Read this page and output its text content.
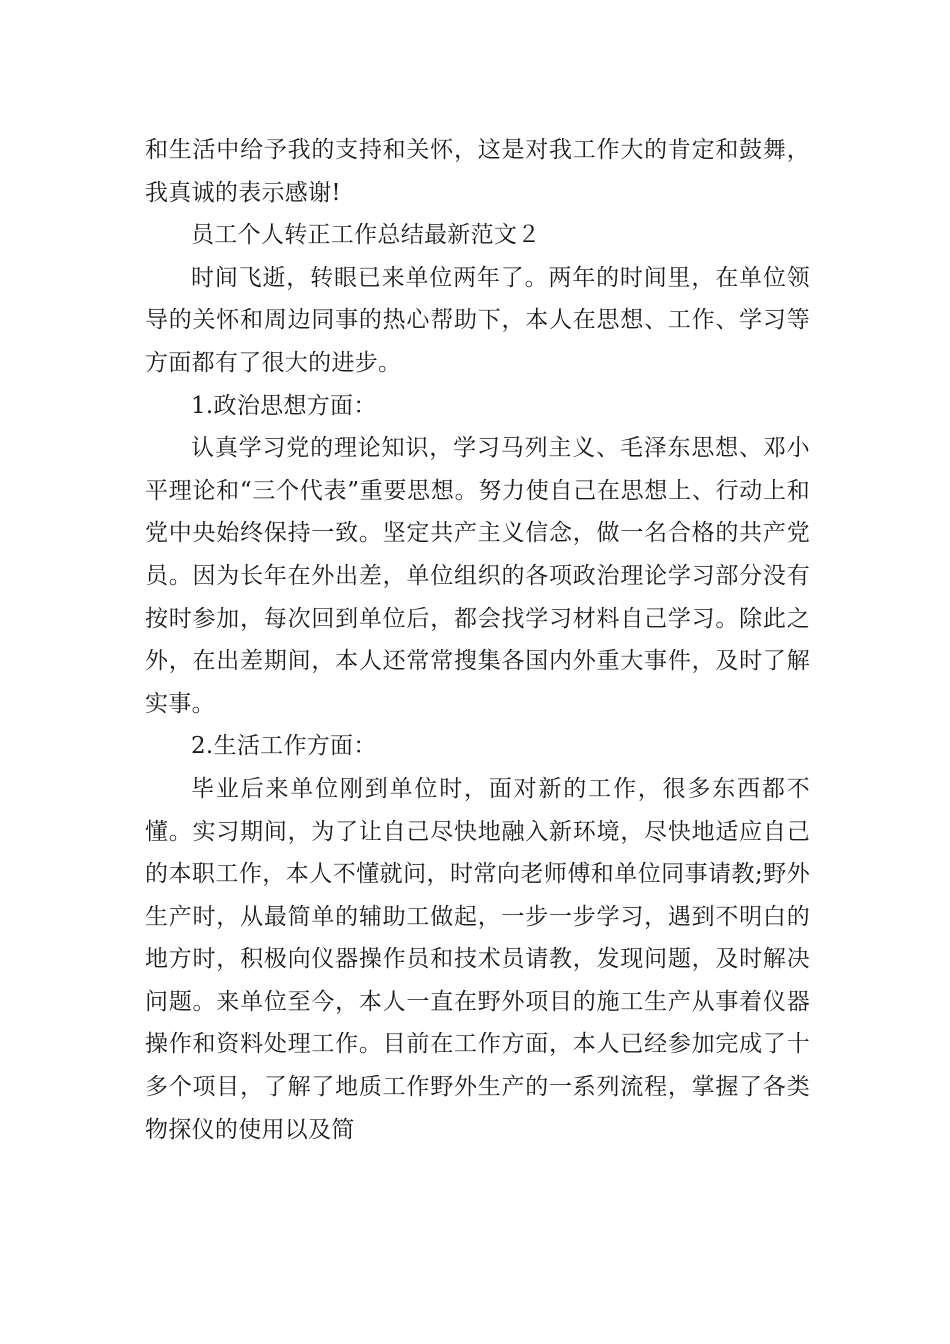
和生活中给予我的支持和关怀，这是对我工作大的肯定和鼓舞，我真诚的表示感谢!

员工个人转正工作总结最新范文２

时间飞逝，转眼已来单位两年了。两年的时间里，在单位领导的关怀和周边同事的热心帮助下，本人在思想、工作、学习等方面都有了很大的进步。

1.政治思想方面：

认真学习党的理论知识，学习马列主义、毛泽东思想、邓小平理论和“三个代表”重要思想。努力使自己在思想上、行动上和党中央始终保持一致。坚定共产主义信念，做一名合格的共产党员。因为长年在外出差，单位组织的各项政治理论学习部分没有按时参加，每次回到单位后，都会找学习材料自己学习。除此之外，在出差期间，本人还常常搜集各国内外重大事件，及时了解实事。

2.生活工作方面：

毕业后来单位刚到单位时，面对新的工作，很多东西都不懂。实习期间，为了让自己尽快地融入新环境，尽快地适应自己的本职工作，本人不懂就问，时常向老师傅和单位同事请教;野外生产时，从最简单的辅助工做起，一步一步学习，遇到不明白的地方时，积极向仪器操作员和技术员请教，发现问题，及时解决问题。来单位至今，本人一直在野外项目的施工生产从事着仪器操作和资料处理工作。目前在工作方面，本人已经参加完成了十多个项目，了解了地质工作野外生产的一系列流程，掌握了各类物探仪的使用以及简
